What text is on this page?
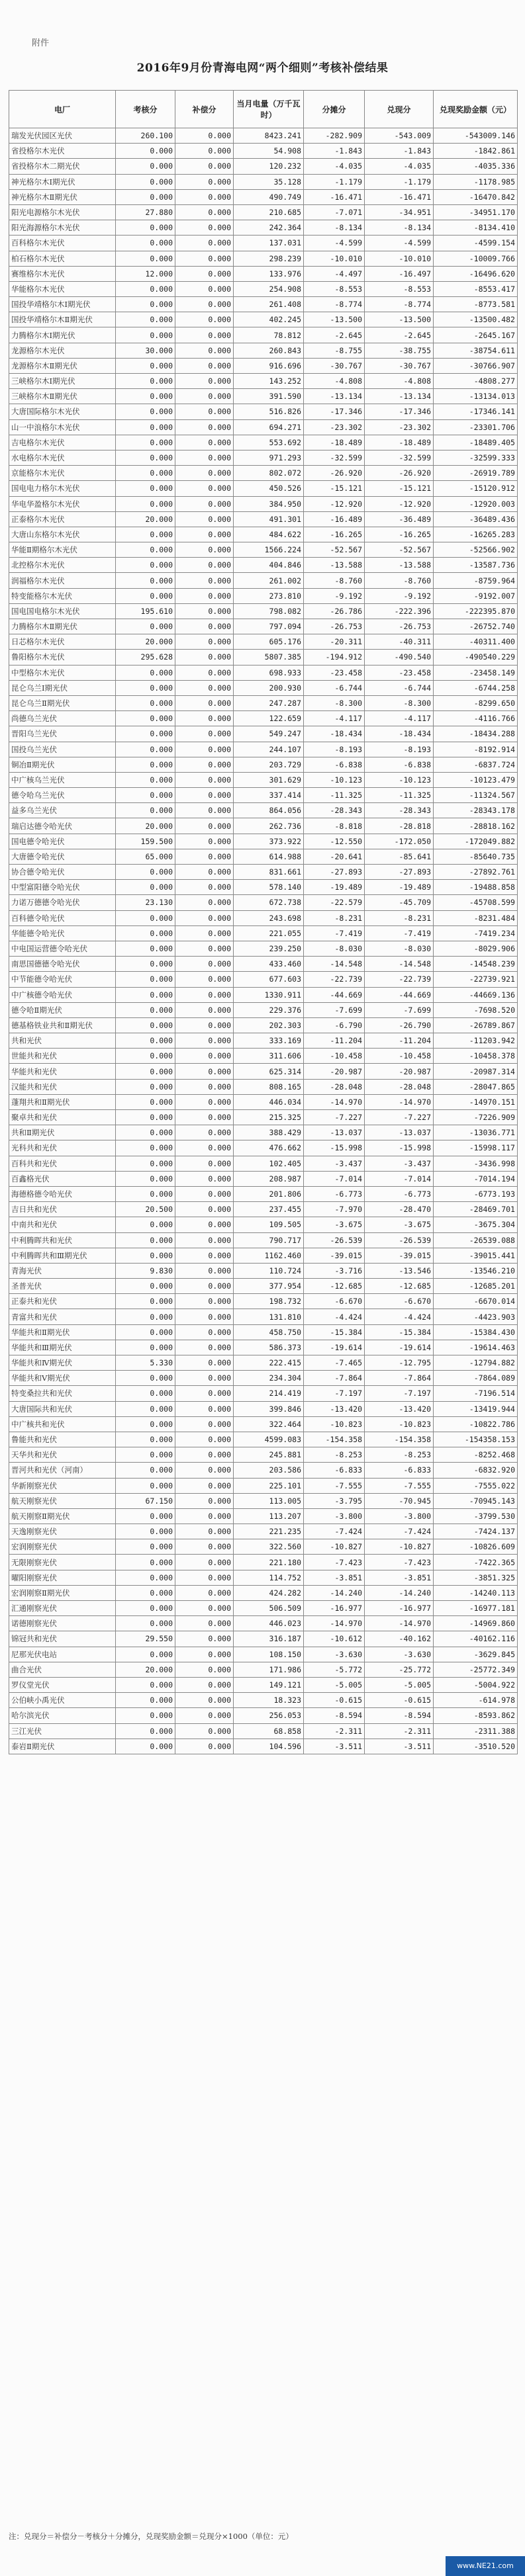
附件
2016年9月份青海电网“两个细则”考核补偿结果
电厂	考核分	补偿分	当月电量（万千瓦时）	分摊分	兑现分	兑现奖励金额（元）
瑞发光伏园区光伏	260.100	0.000	8423.241	-282.909	-543.009	-543009.146
省投格尔木光伏	0.000	0.000	54.908	-1.843	-1.843	-1842.861
省投格尔木二期光伏	0.000	0.000	120.232	-4.035	-4.035	-4035.336
神光格尔木Ⅰ期光伏	0.000	0.000	35.128	-1.179	-1.179	-1178.985
神光格尔木Ⅱ期光伏	0.000	0.000	490.749	-16.471	-16.471	-16470.842
阳光电源格尔木光伏	27.880	0.000	210.685	-7.071	-34.951	-34951.170
阳光海源格尔木光伏	0.000	0.000	242.364	-8.134	-8.134	-8134.410
百科格尔木光伏	0.000	0.000	137.031	-4.599	-4.599	-4599.154
柏石格尔木光伏	0.000	0.000	298.239	-10.010	-10.010	-10009.766
赛维格尔木光伏	12.000	0.000	133.976	-4.497	-16.497	-16496.620
华能格尔木光伏	0.000	0.000	254.908	-8.553	-8.553	-8553.417
国投华靖格尔木Ⅰ期光伏	0.000	0.000	261.408	-8.774	-8.774	-8773.581
国投华靖格尔木Ⅱ期光伏	0.000	0.000	402.245	-13.500	-13.500	-13500.482
力腾格尔木Ⅰ期光伏	0.000	0.000	78.812	-2.645	-2.645	-2645.167
龙源格尔木光伏	30.000	0.000	260.843	-8.755	-38.755	-38754.611
龙源格尔木Ⅱ期光伏	0.000	0.000	916.696	-30.767	-30.767	-30766.907
三峡格尔木Ⅰ期光伏	0.000	0.000	143.252	-4.808	-4.808	-4808.277
三峡格尔木Ⅱ期光伏	0.000	0.000	391.590	-13.134	-13.134	-13134.013
大唐国际格尔木光伏	0.000	0.000	516.826	-17.346	-17.346	-17346.141
山一中浪格尔木光伏	0.000	0.000	694.271	-23.302	-23.302	-23301.706
吉电格尔木光伏	0.000	0.000	553.692	-18.489	-18.489	-18489.405
水电格尔木光伏	0.000	0.000	971.293	-32.599	-32.599	-32599.333
京能格尔木光伏	0.000	0.000	802.072	-26.920	-26.920	-26919.789
国电电力格尔木光伏	0.000	0.000	450.526	-15.121	-15.121	-15120.912
华电华盈格尔木光伏	0.000	0.000	384.950	-12.920	-12.920	-12920.003
正泰格尔木光伏	20.000	0.000	491.301	-16.489	-36.489	-36489.436
大唐山东格尔木光伏	0.000	0.000	484.622	-16.265	-16.265	-16265.283
华能Ⅱ期格尔木光伏	0.000	0.000	1566.224	-52.567	-52.567	-52566.902
北控格尔木光伏	0.000	0.000	404.846	-13.588	-13.588	-13587.736
润福格尔木光伏	0.000	0.000	261.002	-8.760	-8.760	-8759.964
特变能格尔木光伏	0.000	0.000	273.810	-9.192	-9.192	-9192.007
国电国电格尔木光伏	195.610	0.000	798.082	-26.786	-222.396	-222395.870
力腾格尔木Ⅱ期光伏	0.000	0.000	797.094	-26.753	-26.753	-26752.740
日芯格尔木光伏	20.000	0.000	605.176	-20.311	-40.311	-40311.400
鲁阳格尔木光伏	295.628	0.000	5807.385	-194.912	-490.540	-490540.229
中型格尔木光伏	0.000	0.000	698.933	-23.458	-23.458	-23458.149
昆仑乌兰Ⅰ期光伏	0.000	0.000	200.930	-6.744	-6.744	-6744.258
昆仑乌兰Ⅱ期光伏	0.000	0.000	247.287	-8.300	-8.300	-8299.650
尚德乌兰光伏	0.000	0.000	122.659	-4.117	-4.117	-4116.766
晋阳乌兰光伏	0.000	0.000	549.247	-18.434	-18.434	-18434.288
国投乌兰光伏	0.000	0.000	244.107	-8.193	-8.193	-8192.914
铜冶Ⅱ期光伏	0.000	0.000	203.729	-6.838	-6.838	-6837.724
中广核乌兰光伏	0.000	0.000	301.629	-10.123	-10.123	-10123.479
德令哈乌兰光伏	0.000	0.000	337.414	-11.325	-11.325	-11324.567
益多乌兰光伏	0.000	0.000	864.056	-28.343	-28.343	-28343.178
瑞启达德令哈光伏	20.000	0.000	262.736	-8.818	-28.818	-28818.162
国电德令哈光伏	159.500	0.000	373.922	-12.550	-172.050	-172049.882
大唐德令哈光伏	65.000	0.000	614.988	-20.641	-85.641	-85640.735
协合德令哈光伏	0.000	0.000	831.661	-27.893	-27.893	-27892.761
中型富阳德令哈光伏	0.000	0.000	578.140	-19.489	-19.489	-19488.858
力诺万德德令哈光伏	23.130	0.000	672.738	-22.579	-45.709	-45708.599
百科德令哈光伏	0.000	0.000	243.698	-8.231	-8.231	-8231.484
华能德令哈光伏	0.000	0.000	221.055	-7.419	-7.419	-7419.234
中电国运营德令哈光伏	0.000	0.000	239.250	-8.030	-8.030	-8029.906
南思国德德令哈光伏	0.000	0.000	433.460	-14.548	-14.548	-14548.239
中节能德令哈光伏	0.000	0.000	677.603	-22.739	-22.739	-22739.921
中广核德令哈光伏	0.000	0.000	1330.911	-44.669	-44.669	-44669.136
德令哈Ⅱ期光伏	0.000	0.000	229.376	-7.699	-7.699	-7698.520
德基格铁业共和Ⅱ期光伏	0.000	0.000	202.303	-6.790	-26.790	-26789.867
共和光伏	0.000	0.000	333.169	-11.204	-11.204	-11203.942
世能共和光伏	0.000	0.000	311.606	-10.458	-10.458	-10458.378
华能共和光伏	0.000	0.000	625.314	-20.987	-20.987	-20987.314
汉能共和光伏	0.000	0.000	808.165	-28.048	-28.048	-28047.865
蓬翔共和Ⅱ期光伏	0.000	0.000	446.034	-14.970	-14.970	-14970.151
聚卓共和光伏	0.000	0.000	215.325	-7.227	-7.227	-7226.909
共和Ⅱ期光伏	0.000	0.000	388.429	-13.037	-13.037	-13036.771
光科共和光伏	0.000	0.000	476.662	-15.998	-15.998	-15998.117
百科共和光伏	0.000	0.000	102.405	-3.437	-3.437	-3436.998
百鑫格光伏	0.000	0.000	208.987	-7.014	-7.014	-7014.194
海德格德令哈光伏	0.000	0.000	201.806	-6.773	-6.773	-6773.193
吉日共和光伏	20.500	0.000	237.455	-7.970	-28.470	-28469.701
中南共和光伏	0.000	0.000	109.505	-3.675	-3.675	-3675.304
中利腾晖共和光伏	0.000	0.000	790.717	-26.539	-26.539	-26539.088
中利腾晖共和Ⅲ期光伏	0.000	0.000	1162.460	-39.015	-39.015	-39015.441
青海光伏	9.830	0.000	110.724	-3.716	-13.546	-13546.210
圣普光伏	0.000	0.000	377.954	-12.685	-12.685	-12685.201
正泰共和光伏	0.000	0.000	198.732	-6.670	-6.670	-6670.014
青富共和光伏	0.000	0.000	131.810	-4.424	-4.424	-4423.903
华能共和Ⅱ期光伏	0.000	0.000	458.750	-15.384	-15.384	-15384.430
华能共和Ⅲ期光伏	0.000	0.000	586.373	-19.614	-19.614	-19614.463
华能共和Ⅳ期光伏	5.330	0.000	222.415	-7.465	-12.795	-12794.882
华能共和Ⅴ期光伏	0.000	0.000	234.304	-7.864	-7.864	-7864.089
特变桑拉共和光伏	0.000	0.000	214.419	-7.197	-7.197	-7196.514
大唐国际共和光伏	0.000	0.000	399.846	-13.420	-13.420	-13419.944
中广核共和光伏	0.000	0.000	322.464	-10.823	-10.823	-10822.786
鲁能共和光伏	0.000	0.000	4599.083	-154.358	-154.358	-154358.153
天华共和光伏	0.000	0.000	245.881	-8.253	-8.253	-8252.468
晋河共和光伏（河南）	0.000	0.000	203.586	-6.833	-6.833	-6832.920
华新刚察光伏	0.000	0.000	225.101	-7.555	-7.555	-7555.022
航天刚察光伏	67.150	0.000	113.005	-3.795	-70.945	-70945.143
航天刚察Ⅱ期光伏	0.000	0.000	113.207	-3.800	-3.800	-3799.530
天逸刚察光伏	0.000	0.000	221.235	-7.424	-7.424	-7424.137
宏润刚察光伏	0.000	0.000	322.560	-10.827	-10.827	-10826.609
无限刚察光伏	0.000	0.000	221.180	-7.423	-7.423	-7422.365
曜阳刚察光伏	0.000	0.000	114.752	-3.851	-3.851	-3851.325
宏润刚察Ⅱ期光伏	0.000	0.000	424.282	-14.240	-14.240	-14240.113
汇通刚察光伏	0.000	0.000	506.509	-16.977	-16.977	-16977.181
诺德刚察光伏	0.000	0.000	446.023	-14.970	-14.970	-14969.860
锦冠共和光伏	29.550	0.000	316.187	-10.612	-40.162	-40162.116
尼那光伏电站	0.000	0.000	108.150	-3.630	-3.630	-3629.845
曲合光伏	20.000	0.000	171.986	-5.772	-25.772	-25772.349
罗仪堂光伏	0.000	0.000	149.121	-5.005	-5.005	-5004.922
公伯峡小禹光伏	0.000	0.000	18.323	-0.615	-0.615	-614.978
哈尔滨光伏	0.000	0.000	256.053	-8.594	-8.594	-8593.862
三江光伏	0.000	0.000	68.858	-2.311	-2.311	-2311.388
泰岩Ⅱ期光伏	0.000	0.000	104.596	-3.511	-3.511	-3510.520
注：兑现分＝补偿分－考核分＋分摊分，兑现奖励金额＝兑现分×1000（单位：元）
www.NE21.com
